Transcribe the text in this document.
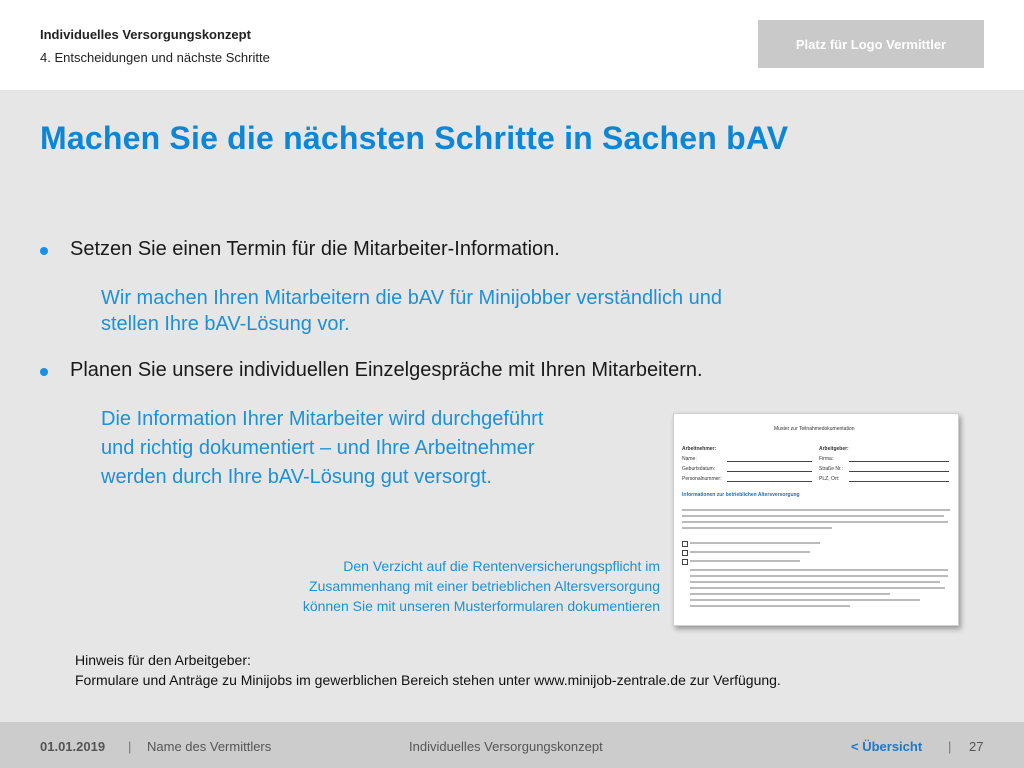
Individuelles Versorgungskonzept
4. Entscheidungen und nächste Schritte
Platz für Logo Vermittler
Machen Sie die nächsten Schritte in Sachen bAV
Setzen Sie einen Termin für die Mitarbeiter-Information.
Wir machen Ihren Mitarbeitern die bAV für Minijobber verständlich und
stellen Ihre bAV-Lösung vor.
Planen Sie unsere individuellen Einzelgespräche mit Ihren Mitarbeitern.
Die Information Ihrer Mitarbeiter wird durchgeführt
und richtig dokumentiert – und Ihre Arbeitnehmer
werden durch Ihre bAV-Lösung gut versorgt.
Muster zur Teilnahmedokumentation
Arbeitnehmer:	Arbeitgeber:
Name:	Firma:
Geburtsdatum:	Straße Nr.:
Personalnummer:	PLZ, Ort:
Informationen zur betrieblichen Altersversorgung
Den Verzicht auf die Rentenversicherungspflicht im
Zusammenhang mit einer betrieblichen Altersversorgung
können Sie mit unseren Musterformularen dokumentieren
Hinweis für den Arbeitgeber:
Formulare und Anträge zu Minijobs im gewerblichen Bereich stehen unter www.minijob-zentrale.de zur Verfügung.
01.01.2019 | Name des Vermittlers	Individuelles Versorgungskonzept	< Übersicht | 27
